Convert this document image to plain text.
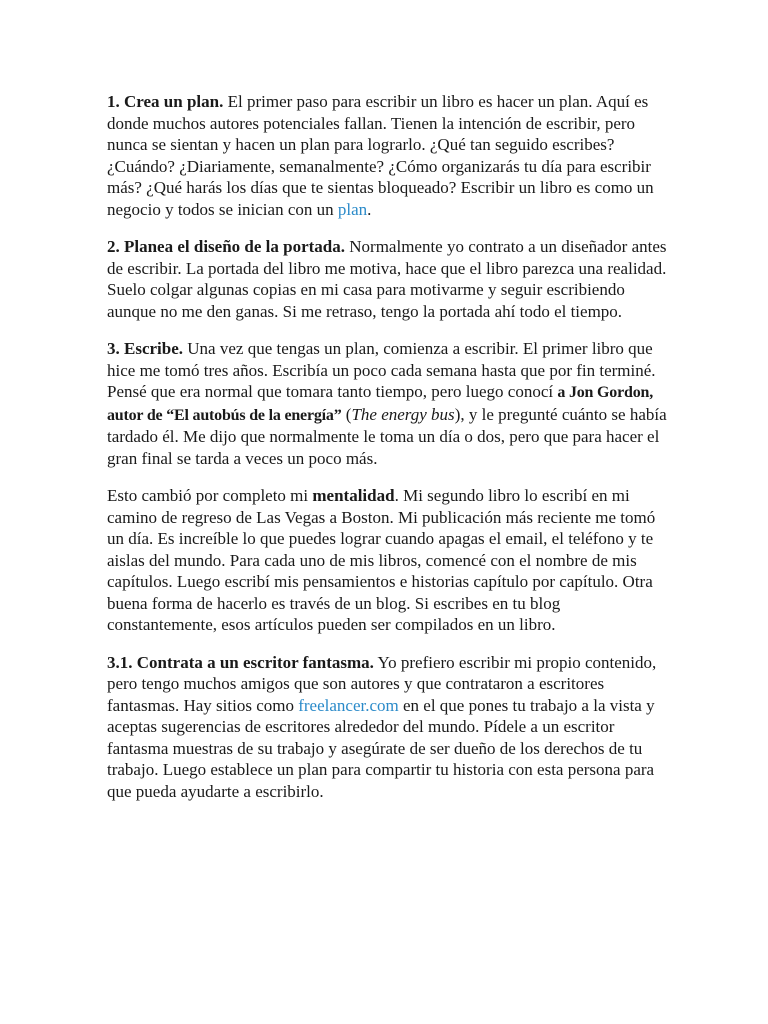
1. Crea un plan. El primer paso para escribir un libro es hacer un plan. Aquí es donde muchos autores potenciales fallan. Tienen la intención de escribir, pero nunca se sientan y hacen un plan para lograrlo. ¿Qué tan seguido escribes? ¿Cuándo? ¿Diariamente, semanalmente? ¿Cómo organizarás tu día para escribir más? ¿Qué harás los días que te sientas bloqueado? Escribir un libro es como un negocio y todos se inician con un plan.

2. Planea el diseño de la portada. Normalmente yo contrato a un diseñador antes de escribir. La portada del libro me motiva, hace que el libro parezca una realidad. Suelo colgar algunas copias en mi casa para motivarme y seguir escribiendo aunque no me den ganas. Si me retraso, tengo la portada ahí todo el tiempo.

3. Escribe. Una vez que tengas un plan, comienza a escribir. El primer libro que hice me tomó tres años. Escribía un poco cada semana hasta que por fin terminé. Pensé que era normal que tomara tanto tiempo, pero luego conocí a Jon Gordon, autor de “El autobús de la energía” (The energy bus), y le pregunté cuánto se había tardado él. Me dijo que normalmente le toma un día o dos, pero que para hacer el gran final se tarda a veces un poco más.

Esto cambió por completo mi mentalidad. Mi segundo libro lo escribí en mi camino de regreso de Las Vegas a Boston. Mi publicación más reciente me tomó un día. Es increíble lo que puedes lograr cuando apagas el email, el teléfono y te aislas del mundo. Para cada uno de mis libros, comencé con el nombre de mis capítulos. Luego escribí mis pensamientos e historias capítulo por capítulo. Otra buena forma de hacerlo es través de un blog. Si escribes en tu blog constantemente, esos artículos pueden ser compilados en un libro.

3.1. Contrata a un escritor fantasma. Yo prefiero escribir mi propio contenido, pero tengo muchos amigos que son autores y que contrataron a escritores fantasmas. Hay sitios como freelancer.com en el que pones tu trabajo a la vista y aceptas sugerencias de escritores alrededor del mundo. Pídele a un escritor fantasma muestras de su trabajo y asegúrate de ser dueño de los derechos de tu trabajo. Luego establece un plan para compartir tu historia con esta persona para que pueda ayudarte a escribirlo.
